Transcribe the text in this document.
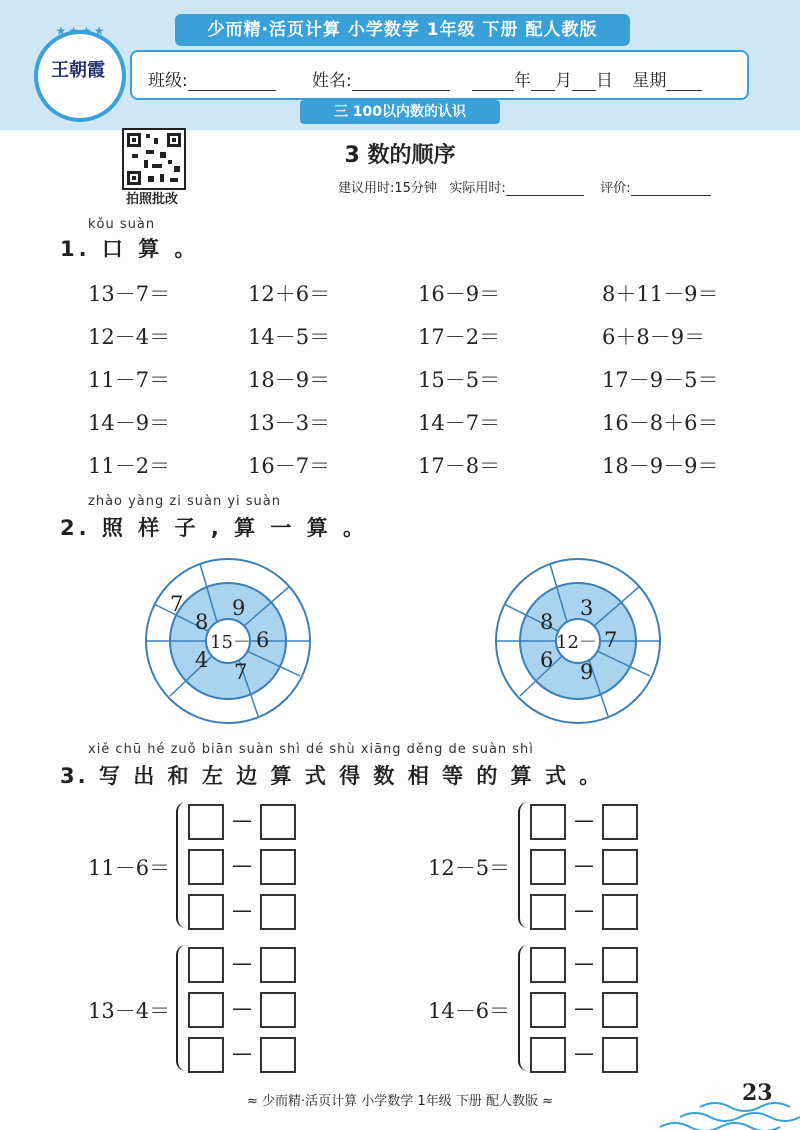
少而精·活页计算 小学数学 1年级 下册 配人教版
★★★★
王朝霞	班级:	姓名:	年 月 日 星期
三 100以内数的认识
拍照批改
3 数的顺序
建议用时:15分钟 实际用时:	评价:
kǒu suàn
1. 口 算 。
13－7＝	12＋6＝	16－9＝	8＋11－9＝
12－4＝	14－5＝	17－2＝	6＋8－9＝
11－7＝	18－9＝	15－5＝	17－9－5＝
14－9＝	13－3＝	14－7＝	16－8＋6＝
11－2＝	16－7＝	17－8＝	18－9－9＝
zhào yàng zi suàn yi suàn
2. 照 样 子 , 算 一 算 。
15－
8
9
6
7
4
7
12－
3
7
9
6
8
xiě chū hé zuǒ biān suàn shì dé shù xiāng děng de suàn shì
3. 写 出 和 左 边 算 式 得 数 相 等 的 算 式 。
11－6＝
—
—
—
12－5＝
—
—
—
13－4＝
—
—
—
14－6＝
—
—
—
≈ 少而精·活页计算 小学数学 1年级 下册 配人教版 ≈	23
